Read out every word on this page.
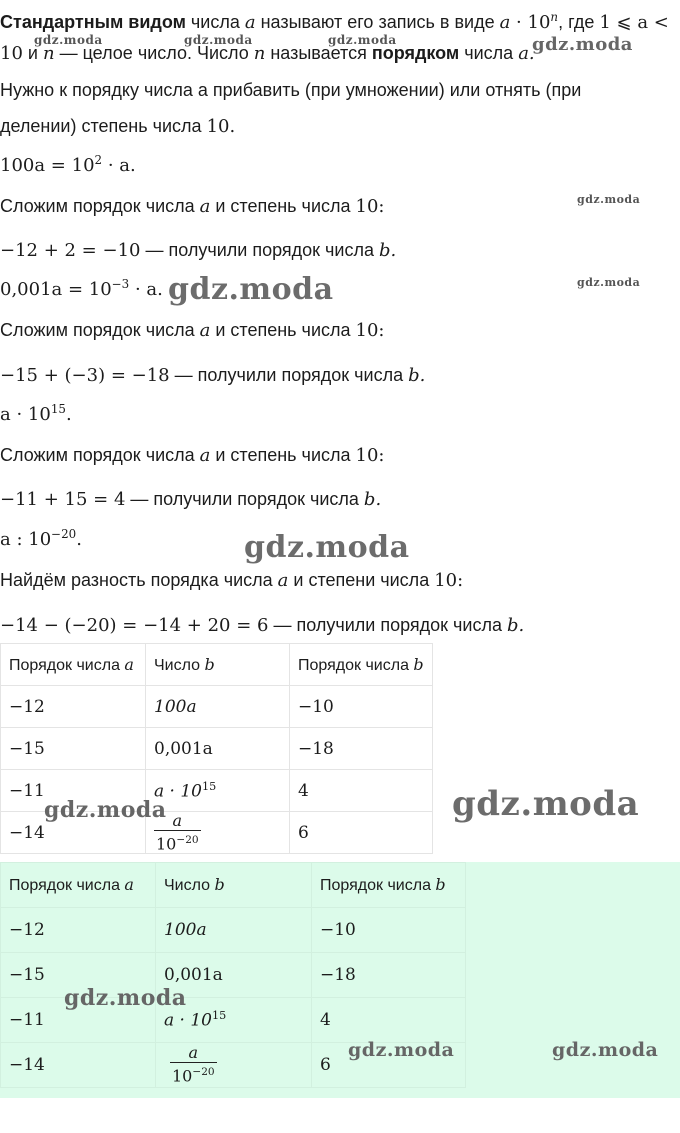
Стандартным видом числа a называют его запись в виде $a \cdot 10^n$, где 1 ⩽ a <
10 и n — целое число. Число n называется порядком числа a.
Нужно к порядку числа a прибавить (при умножении) или отнять (при
делении) степень числа 10.
$100a = 10^2 \cdot a$.
Сложим порядок числа a и степень числа 10:
−12 + 2 = −10 — получили порядок числа b.
$0,001a = 10^{-3} \cdot a$.
Сложим порядок числа a и степень числа 10:
−15 + (−3) = −18 — получили порядок числа b.
$a \cdot 10^{15}$.
Сложим порядок числа a и степень числа 10:
−11 + 15 = 4 — получили порядок числа b.
a : $10^{-20}$.
Найдём разность порядка числа a и степени числа 10:
−14 − (−20) = −14 + 20 = 6 — получили порядок числа b.
Порядок числа a	Число b	Порядок числа b
−12	100a	−10
−15	0,001a	−18
−11	$a \cdot 10^{15}$	4
−14	$\frac{a}{10^{-20}}$	6
Порядок числа a	Число b	Порядок числа b
−12	100a	−10
−15	0,001a	−18
−11	$a \cdot 10^{15}$	4
−14	$\frac{a}{10^{-20}}$	6
gdz.moda	gdz.moda	gdz.moda	gdz.moda
gdz.moda
gdz.moda
gdz.moda
gdz.moda
gdz.moda	gdz.moda
gdz.moda
gdz.moda	gdz.moda
